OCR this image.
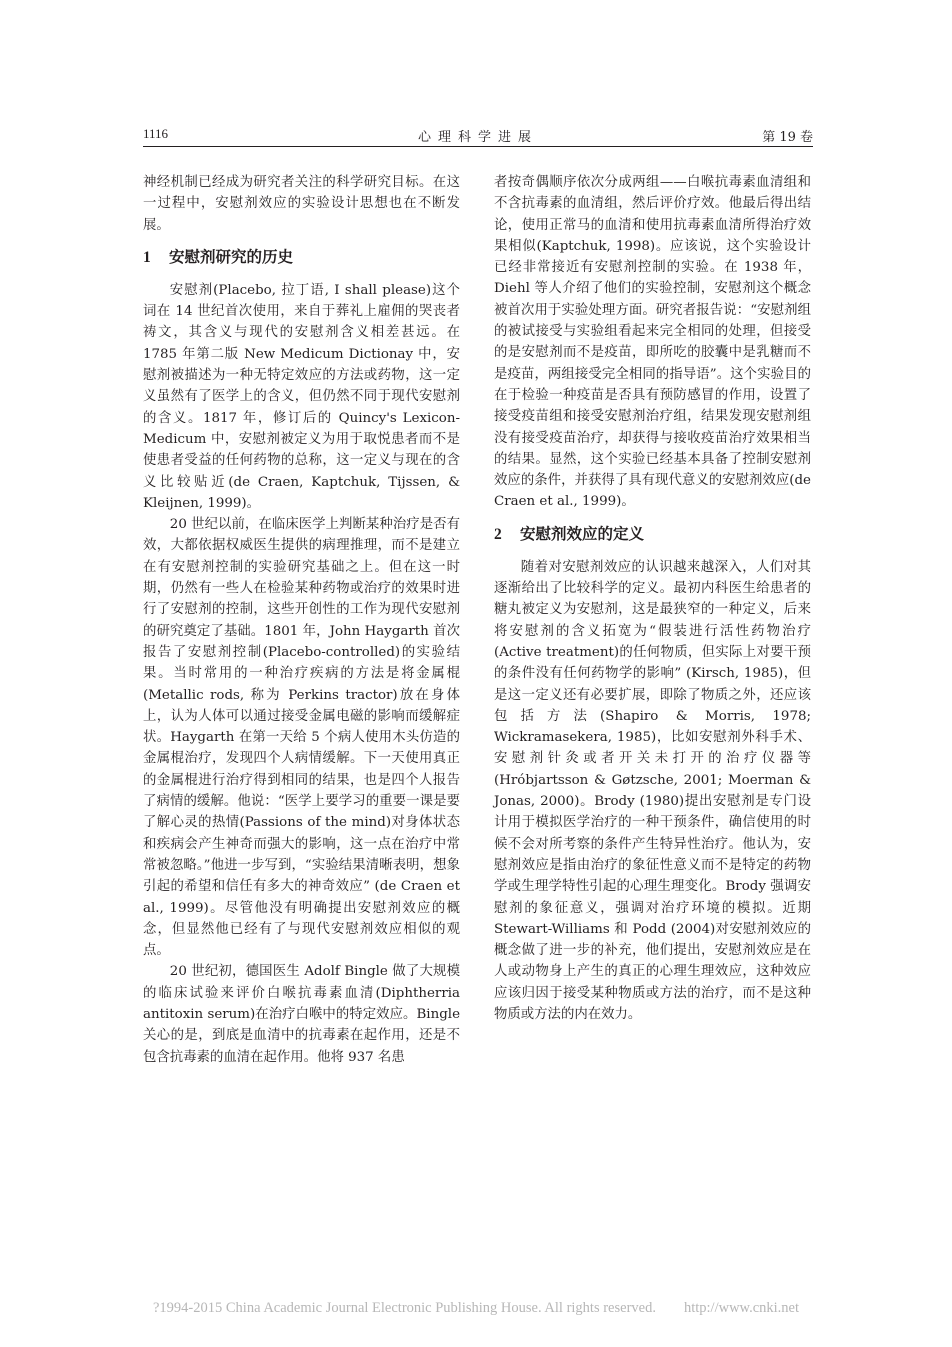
1116	心理科学进展	第 19 卷

神经机制已经成为研究者关注的科学研究目标。在这一过程中，安慰剂效应的实验设计思想也在不断发展。

1 安慰剂研究的历史

安慰剂(Placebo, 拉丁语, I shall please)这个词在 14 世纪首次使用，来自于葬礼上雇佣的哭丧者祷文，其含义与现代的安慰剂含义相差甚远。在 1785 年第二版 New Medicum Dictionay 中，安慰剂被描述为一种无特定效应的方法或药物，这一定义虽然有了医学上的含义，但仍然不同于现代安慰剂的含义。1817 年，修订后的 Quincy's Lexicon-Medicum 中，安慰剂被定义为用于取悦患者而不是使患者受益的任何药物的总称，这一定义与现在的含义比较贴近(de Craen, Kaptchuk, Tijssen, & Kleijnen, 1999)。

20 世纪以前，在临床医学上判断某种治疗是否有效，大都依据权威医生提供的病理推理，而不是建立在有安慰剂控制的实验研究基础之上。但在这一时期，仍然有一些人在检验某种药物或治疗的效果时进行了安慰剂的控制，这些开创性的工作为现代安慰剂的研究奠定了基础。1801 年，John Haygarth 首次报告了安慰剂控制(Placebo-controlled)的实验结果。当时常用的一种治疗疾病的方法是将金属棍(Metallic rods, 称为 Perkins tractor)放在身体上，认为人体可以通过接受金属电磁的影响而缓解症状。Haygarth 在第一天给 5 个病人使用木头仿造的金属棍治疗，发现四个人病情缓解。下一天使用真正的金属棍进行治疗得到相同的结果，也是四个人报告了病情的缓解。他说：“医学上要学习的重要一课是要了解心灵的热情(Passions of the mind)对身体状态和疾病会产生神奇而强大的影响，这一点在治疗中常常被忽略。”他进一步写到，“实验结果清晰表明，想象引起的希望和信任有多大的神奇效应” (de Craen et al., 1999)。尽管他没有明确提出安慰剂效应的概念，但显然他已经有了与现代安慰剂效应相似的观点。

20 世纪初，德国医生 Adolf Bingle 做了大规模的临床试验来评价白喉抗毒素血清(Diphtherria antitoxin serum)在治疗白喉中的特定效应。Bingle 关心的是，到底是血清中的抗毒素在起作用，还是不包含抗毒素的血清在起作用。他将 937 名患

者按奇偶顺序依次分成两组——白喉抗毒素血清组和不含抗毒素的血清组，然后评价疗效。他最后得出结论，使用正常马的血清和使用抗毒素血清所得治疗效果相似(Kaptchuk, 1998)。应该说，这个实验设计已经非常接近有安慰剂控制的实验。在 1938 年，Diehl 等人介绍了他们的实验控制，安慰剂这个概念被首次用于实验处理方面。研究者报告说：“安慰剂组的被试接受与实验组看起来完全相同的处理，但接受的是安慰剂而不是疫苗，即所吃的胶囊中是乳糖而不是疫苗，两组接受完全相同的指导语”。这个实验目的在于检验一种疫苗是否具有预防感冒的作用，设置了接受疫苗组和接受安慰剂治疗组，结果发现安慰剂组没有接受疫苗治疗，却获得与接收疫苗治疗效果相当的结果。显然，这个实验已经基本具备了控制安慰剂效应的条件，并获得了具有现代意义的安慰剂效应(de Craen et al., 1999)。

2 安慰剂效应的定义

随着对安慰剂效应的认识越来越深入，人们对其逐渐给出了比较科学的定义。最初内科医生给患者的糖丸被定义为安慰剂，这是最狭窄的一种定义，后来将安慰剂的含义拓宽为“假装进行活性药物治疗(Active treatment)的任何物质，但实际上对要干预的条件没有任何药物学的影响” (Kirsch, 1985)，但是这一定义还有必要扩展，即除了物质之外，还应该包括方法(Shapiro & Morris, 1978; Wickramasekera, 1985)，比如安慰剂外科手术、安慰剂针灸或者开关未打开的治疗仪器等(Hróbjartsson & Gøtzsche, 2001; Moerman & Jonas, 2000)。Brody (1980)提出安慰剂是专门设计用于模拟医学治疗的一种干预条件，确信使用的时候不会对所考察的条件产生特异性治疗。他认为，安慰剂效应是指由治疗的象征性意义而不是特定的药物学或生理学特性引起的心理生理变化。Brody 强调安慰剂的象征意义，强调对治疗环境的模拟。近期 Stewart-Williams 和 Podd (2004)对安慰剂效应的概念做了进一步的补充，他们提出，安慰剂效应是在人或动物身上产生的真正的心理生理效应，这种效应应该归因于接受某种物质或方法的治疗，而不是这种物质或方法的内在效力。

?1994-2015 China Academic Journal Electronic Publishing House. All rights reserved. http://www.cnki.net
